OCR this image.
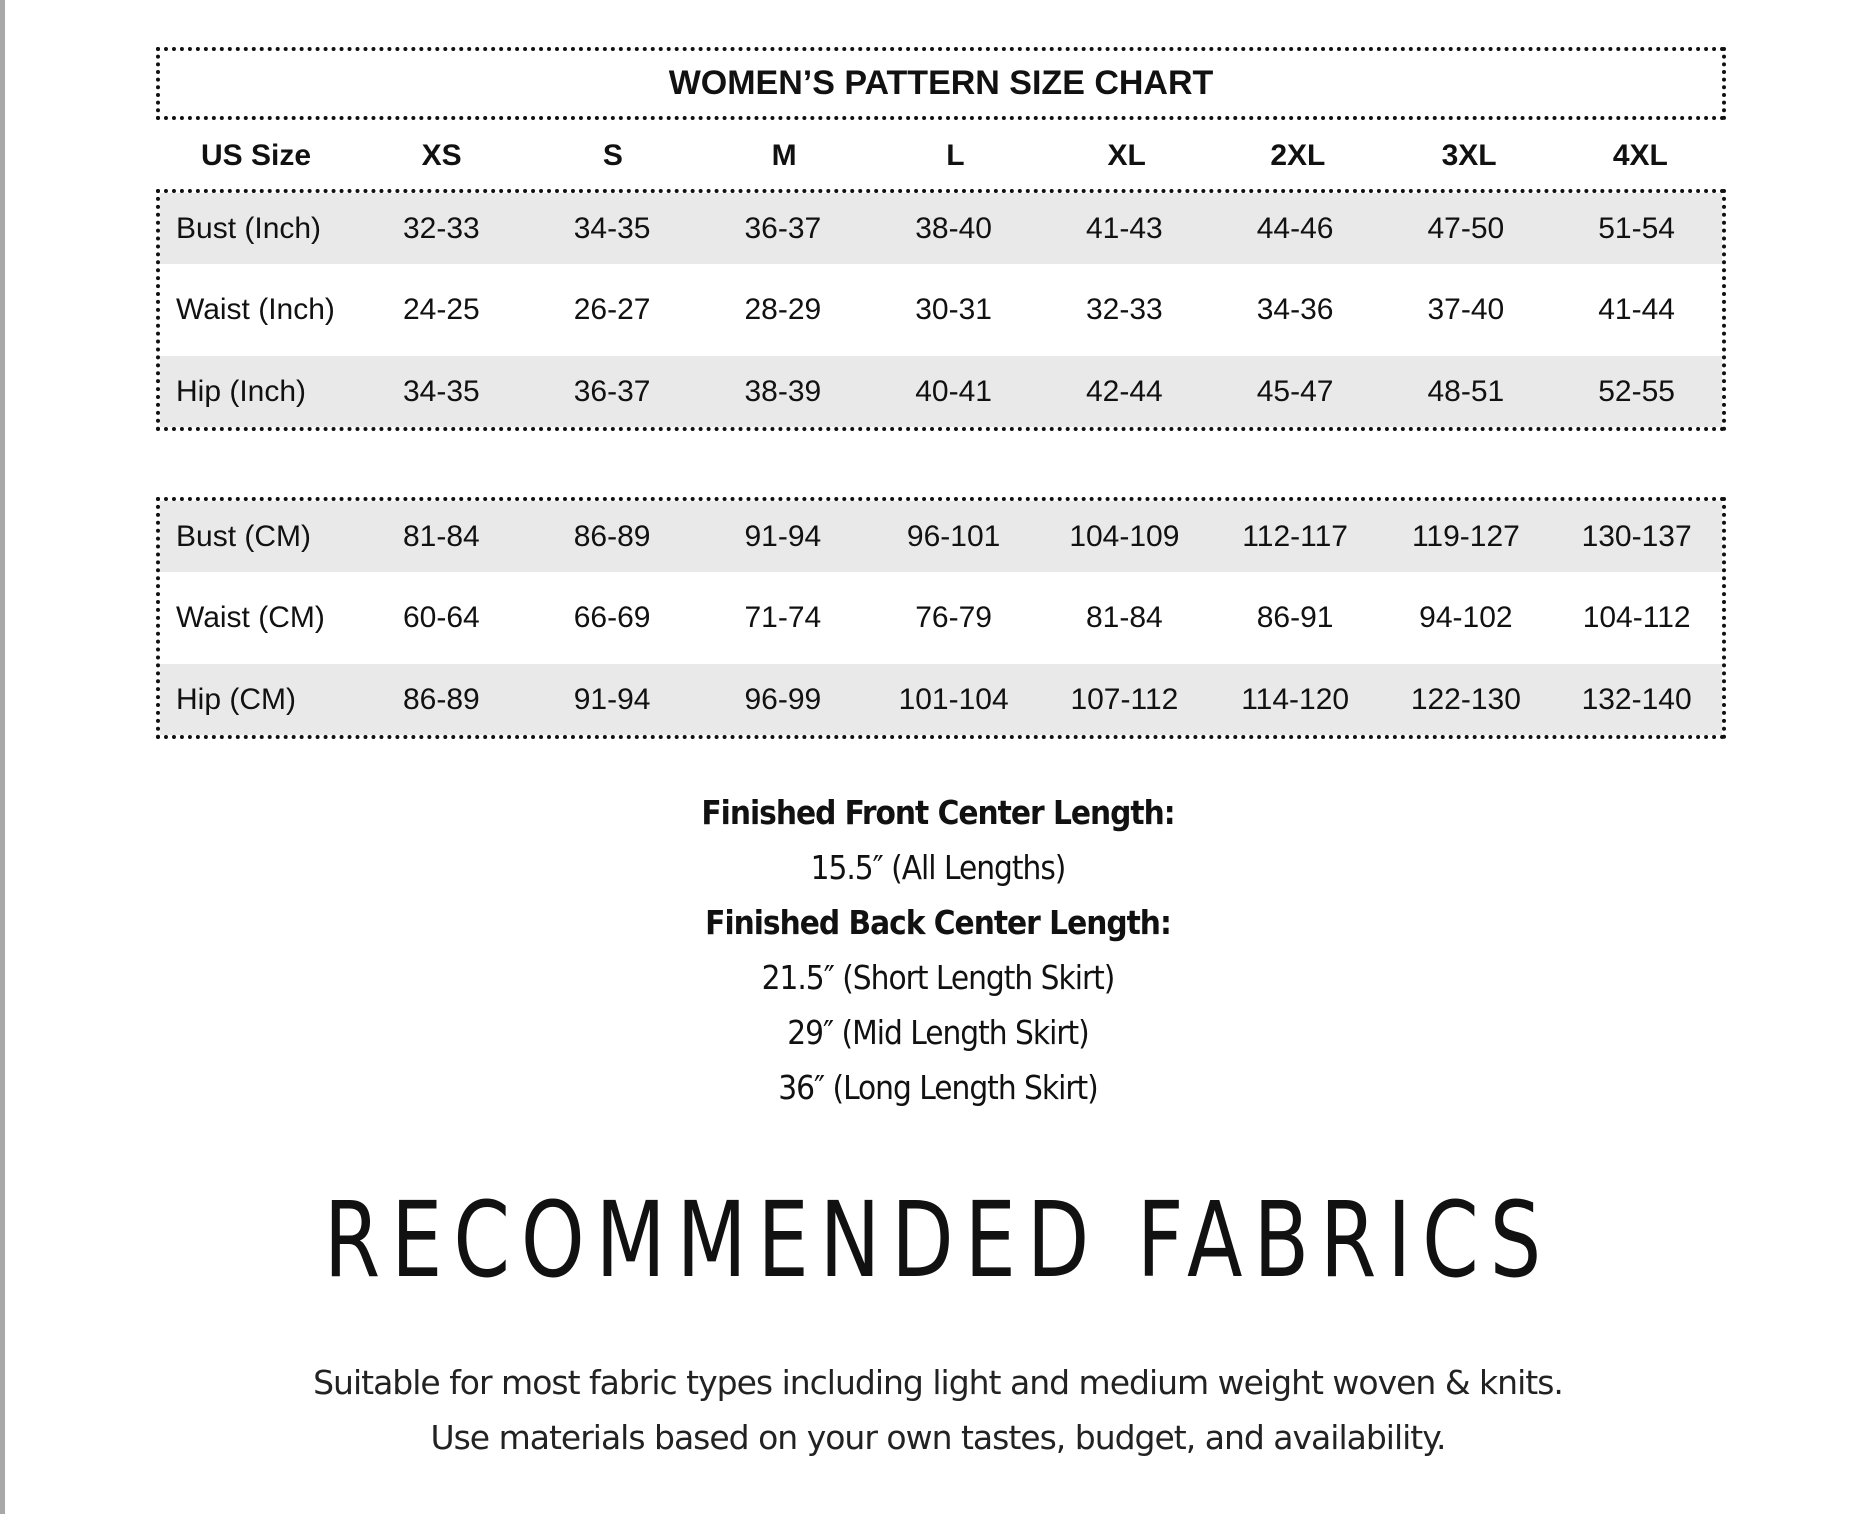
WOMEN’S PATTERN SIZE CHART
US Size	XS	S	M	L	XL	2XL	3XL	4XL
Bust (Inch)	32-33	34-35	36-37	38-40	41-43	44-46	47-50	51-54
Waist (Inch)	24-25	26-27	28-29	30-31	32-33	34-36	37-40	41-44
Hip (Inch)	34-35	36-37	38-39	40-41	42-44	45-47	48-51	52-55
Bust (CM)	81-84	86-89	91-94	96-101	104-109	112-117	119-127	130-137
Waist (CM)	60-64	66-69	71-74	76-79	81-84	86-91	94-102	104-112
Hip (CM)	86-89	91-94	96-99	101-104	107-112	114-120	122-130	132-140
Finished Front Center Length:
15.5″ (All Lengths)
Finished Back Center Length:
21.5″ (Short Length Skirt)
29″ (Mid Length Skirt)
36″ (Long Length Skirt)
RECOMMENDED FABRICS
Suitable for most fabric types including light and medium weight woven & knits.
Use materials based on your own tastes, budget, and availability.
